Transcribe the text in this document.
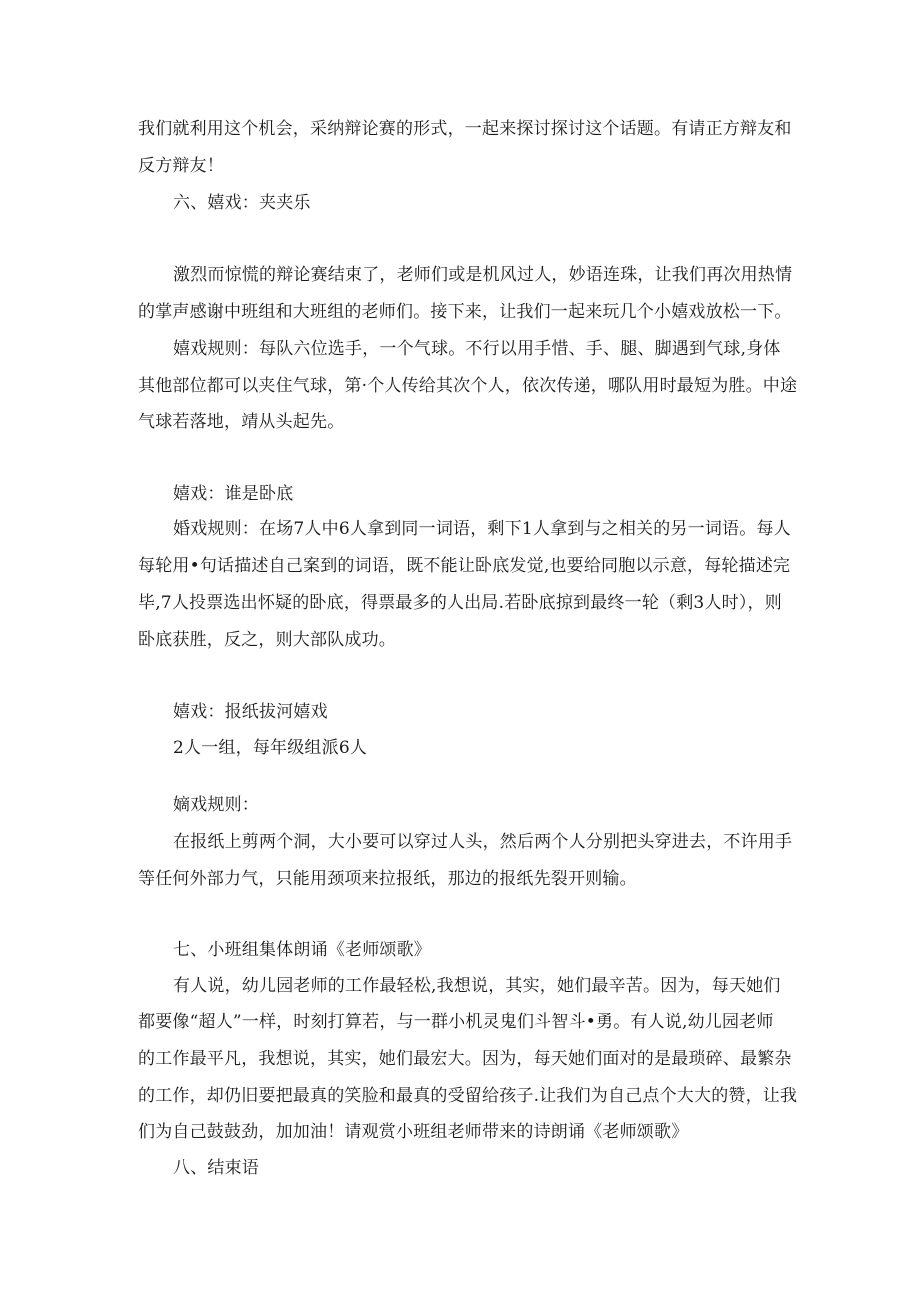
我们就利用这个机会，采纳辩论赛的形式，一起来探讨探讨这个话题。有请正方辩友和
反方辩友！
六、嬉戏：夹夹乐
激烈而惊慌的辩论赛结束了，老师们或是机风过人，妙语连珠，让我们再次用热情
的掌声感谢中班组和大班组的老师们。接下来，让我们一起来玩几个小嬉戏放松一下。
嬉戏规则：每队六位选手，一个气球。不行以用手惜、手、腿、脚遇到气球,身体
其他部位都可以夹住气球，第·个人传给其次个人，依次传递，哪队用时最短为胜。中途
气球若落地，靖从头起先。
嬉戏：谁是卧底
婚戏规则：在场7人中6人拿到同一词语，剩下1人拿到与之相关的另一词语。每人
每轮用•句话描述自己案到的词语，既不能让卧底发觉,也要给同胞以示意，每轮描述完
毕,7人投票选出怀疑的卧底，得票最多的人出局.若卧底掠到最终一轮（剩3人时），则
卧底获胜，反之，则大部队成功。
嬉戏：报纸拔河嬉戏
2人一组，每年级组派6人
嫡戏规则：
在报纸上剪两个洞，大小要可以穿过人头，然后两个人分别把头穿进去，不许用手
等任何外部力气，只能用颈项来拉报纸，那边的报纸先裂开则输。
七、小班组集体朗诵《老师颂歌》
有人说，幼儿园老师的工作最轻松,我想说，其实，她们最辛苦。因为，每天她们
都要像“超人”一样，时刻打算若，与一群小机灵鬼们斗智斗•勇。有人说,幼儿园老师
的工作最平凡，我想说，其实，她们最宏大。因为，每天她们面对的是最琐碎、最繁杂
的工作，却仍旧要把最真的笑脸和最真的受留给孩子.让我们为自己点个大大的赞，让我
们为自己鼓鼓劲，加加油！请观赏小班组老师带来的诗朗诵《老师颂歌》
八、结束语
